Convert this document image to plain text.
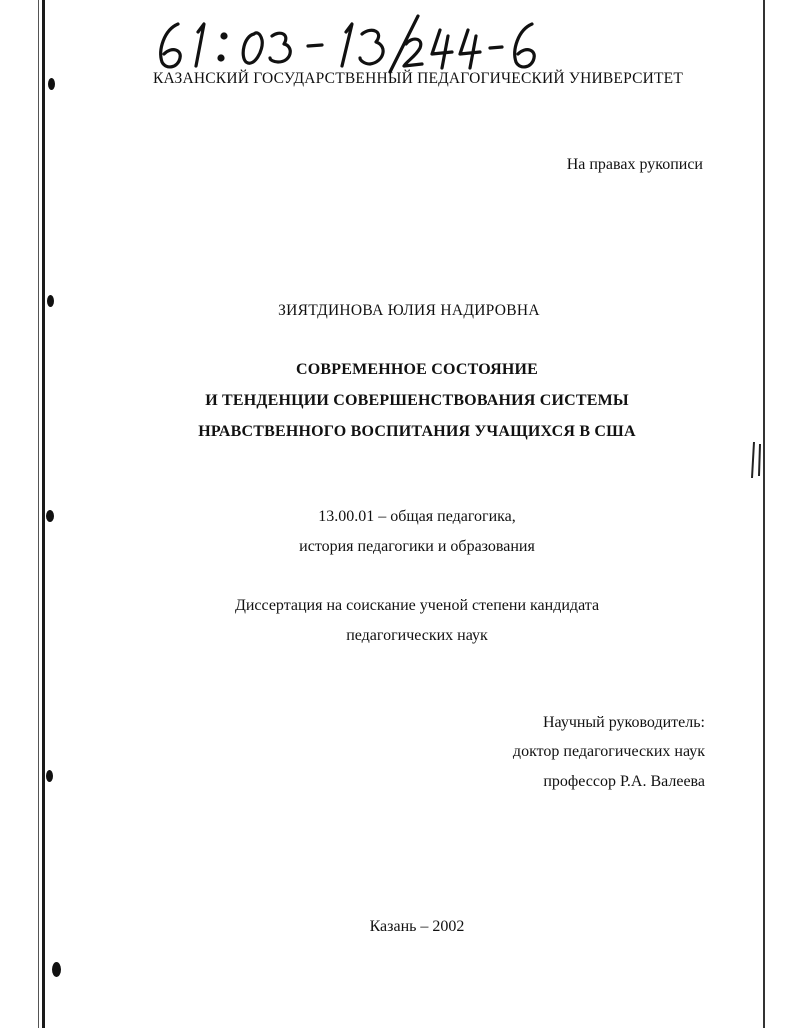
КАЗАНСКИЙ ГОСУДАРСТВЕННЫЙ ПЕДАГОГИЧЕСКИЙ УНИВЕРСИТЕТ
На правах рукописи
ЗИЯТДИНОВА ЮЛИЯ НАДИРОВНА
СОВРЕМЕННОЕ СОСТОЯНИЕ
И ТЕНДЕНЦИИ СОВЕРШЕНСТВОВАНИЯ СИСТЕМЫ
НРАВСТВЕННОГО ВОСПИТАНИЯ УЧАЩИХСЯ В США
13.00.01 – общая педагогика,
история педагогики и образования
Диссертация на соискание ученой степени кандидата
педагогических наук
Научный руководитель:
доктор педагогических наук
профессор Р.А. Валеева
Казань – 2002
